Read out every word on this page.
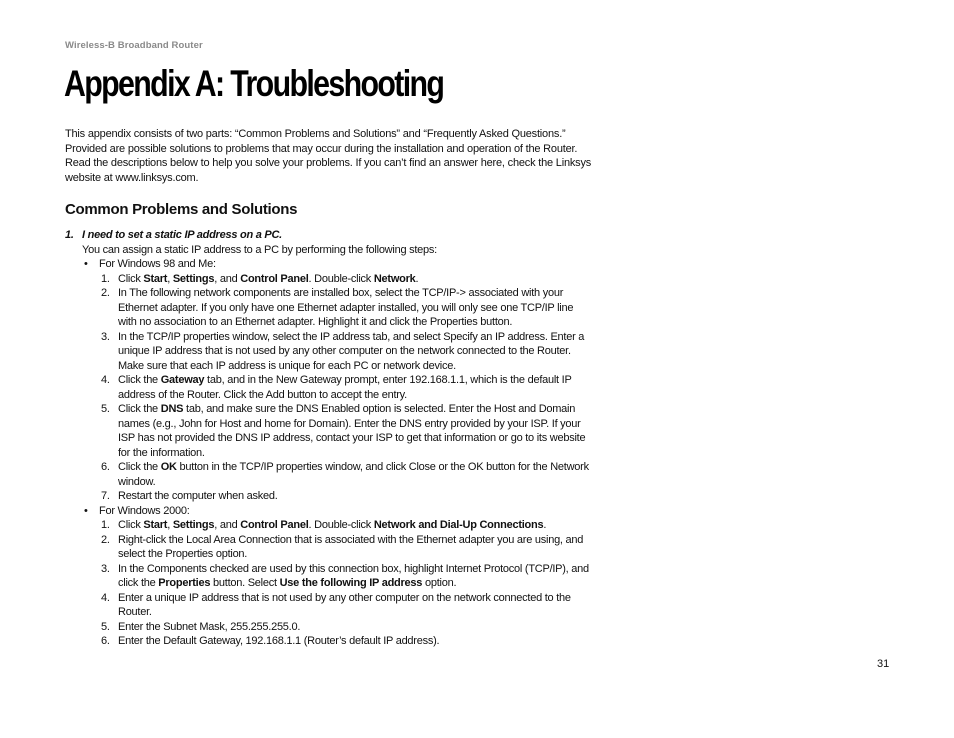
Wireless-B Broadband Router
Appendix A: Troubleshooting
This appendix consists of two parts: “Common Problems and Solutions” and “Frequently Asked Questions.”
Provided are possible solutions to problems that may occur during the installation and operation of the Router.
Read the descriptions below to help you solve your problems. If you can’t find an answer here, check the Linksys
website at www.linksys.com.
Common Problems and Solutions
1. I need to set a static IP address on a PC.
You can assign a static IP address to a PC by performing the following steps:
• For Windows 98 and Me:
1. Click Start, Settings, and Control Panel. Double-click Network.
2. In The following network components are installed box, select the TCP/IP-> associated with your
Ethernet adapter. If you only have one Ethernet adapter installed, you will only see one TCP/IP line
with no association to an Ethernet adapter. Highlight it and click the Properties button.
3. In the TCP/IP properties window, select the IP address tab, and select Specify an IP address. Enter a
unique IP address that is not used by any other computer on the network connected to the Router.
Make sure that each IP address is unique for each PC or network device.
4. Click the Gateway tab, and in the New Gateway prompt, enter 192.168.1.1, which is the default IP
address of the Router. Click the Add button to accept the entry.
5. Click the DNS tab, and make sure the DNS Enabled option is selected. Enter the Host and Domain
names (e.g., John for Host and home for Domain). Enter the DNS entry provided by your ISP. If your
ISP has not provided the DNS IP address, contact your ISP to get that information or go to its website
for the information.
6. Click the OK button in the TCP/IP properties window, and click Close or the OK button for the Network
window.
7. Restart the computer when asked.
• For Windows 2000:
1. Click Start, Settings, and Control Panel. Double-click Network and Dial-Up Connections.
2. Right-click the Local Area Connection that is associated with the Ethernet adapter you are using, and
select the Properties option.
3. In the Components checked are used by this connection box, highlight Internet Protocol (TCP/IP), and
click the Properties button. Select Use the following IP address option.
4. Enter a unique IP address that is not used by any other computer on the network connected to the
Router.
5. Enter the Subnet Mask, 255.255.255.0.
6. Enter the Default Gateway, 192.168.1.1 (Router’s default IP address).
31
